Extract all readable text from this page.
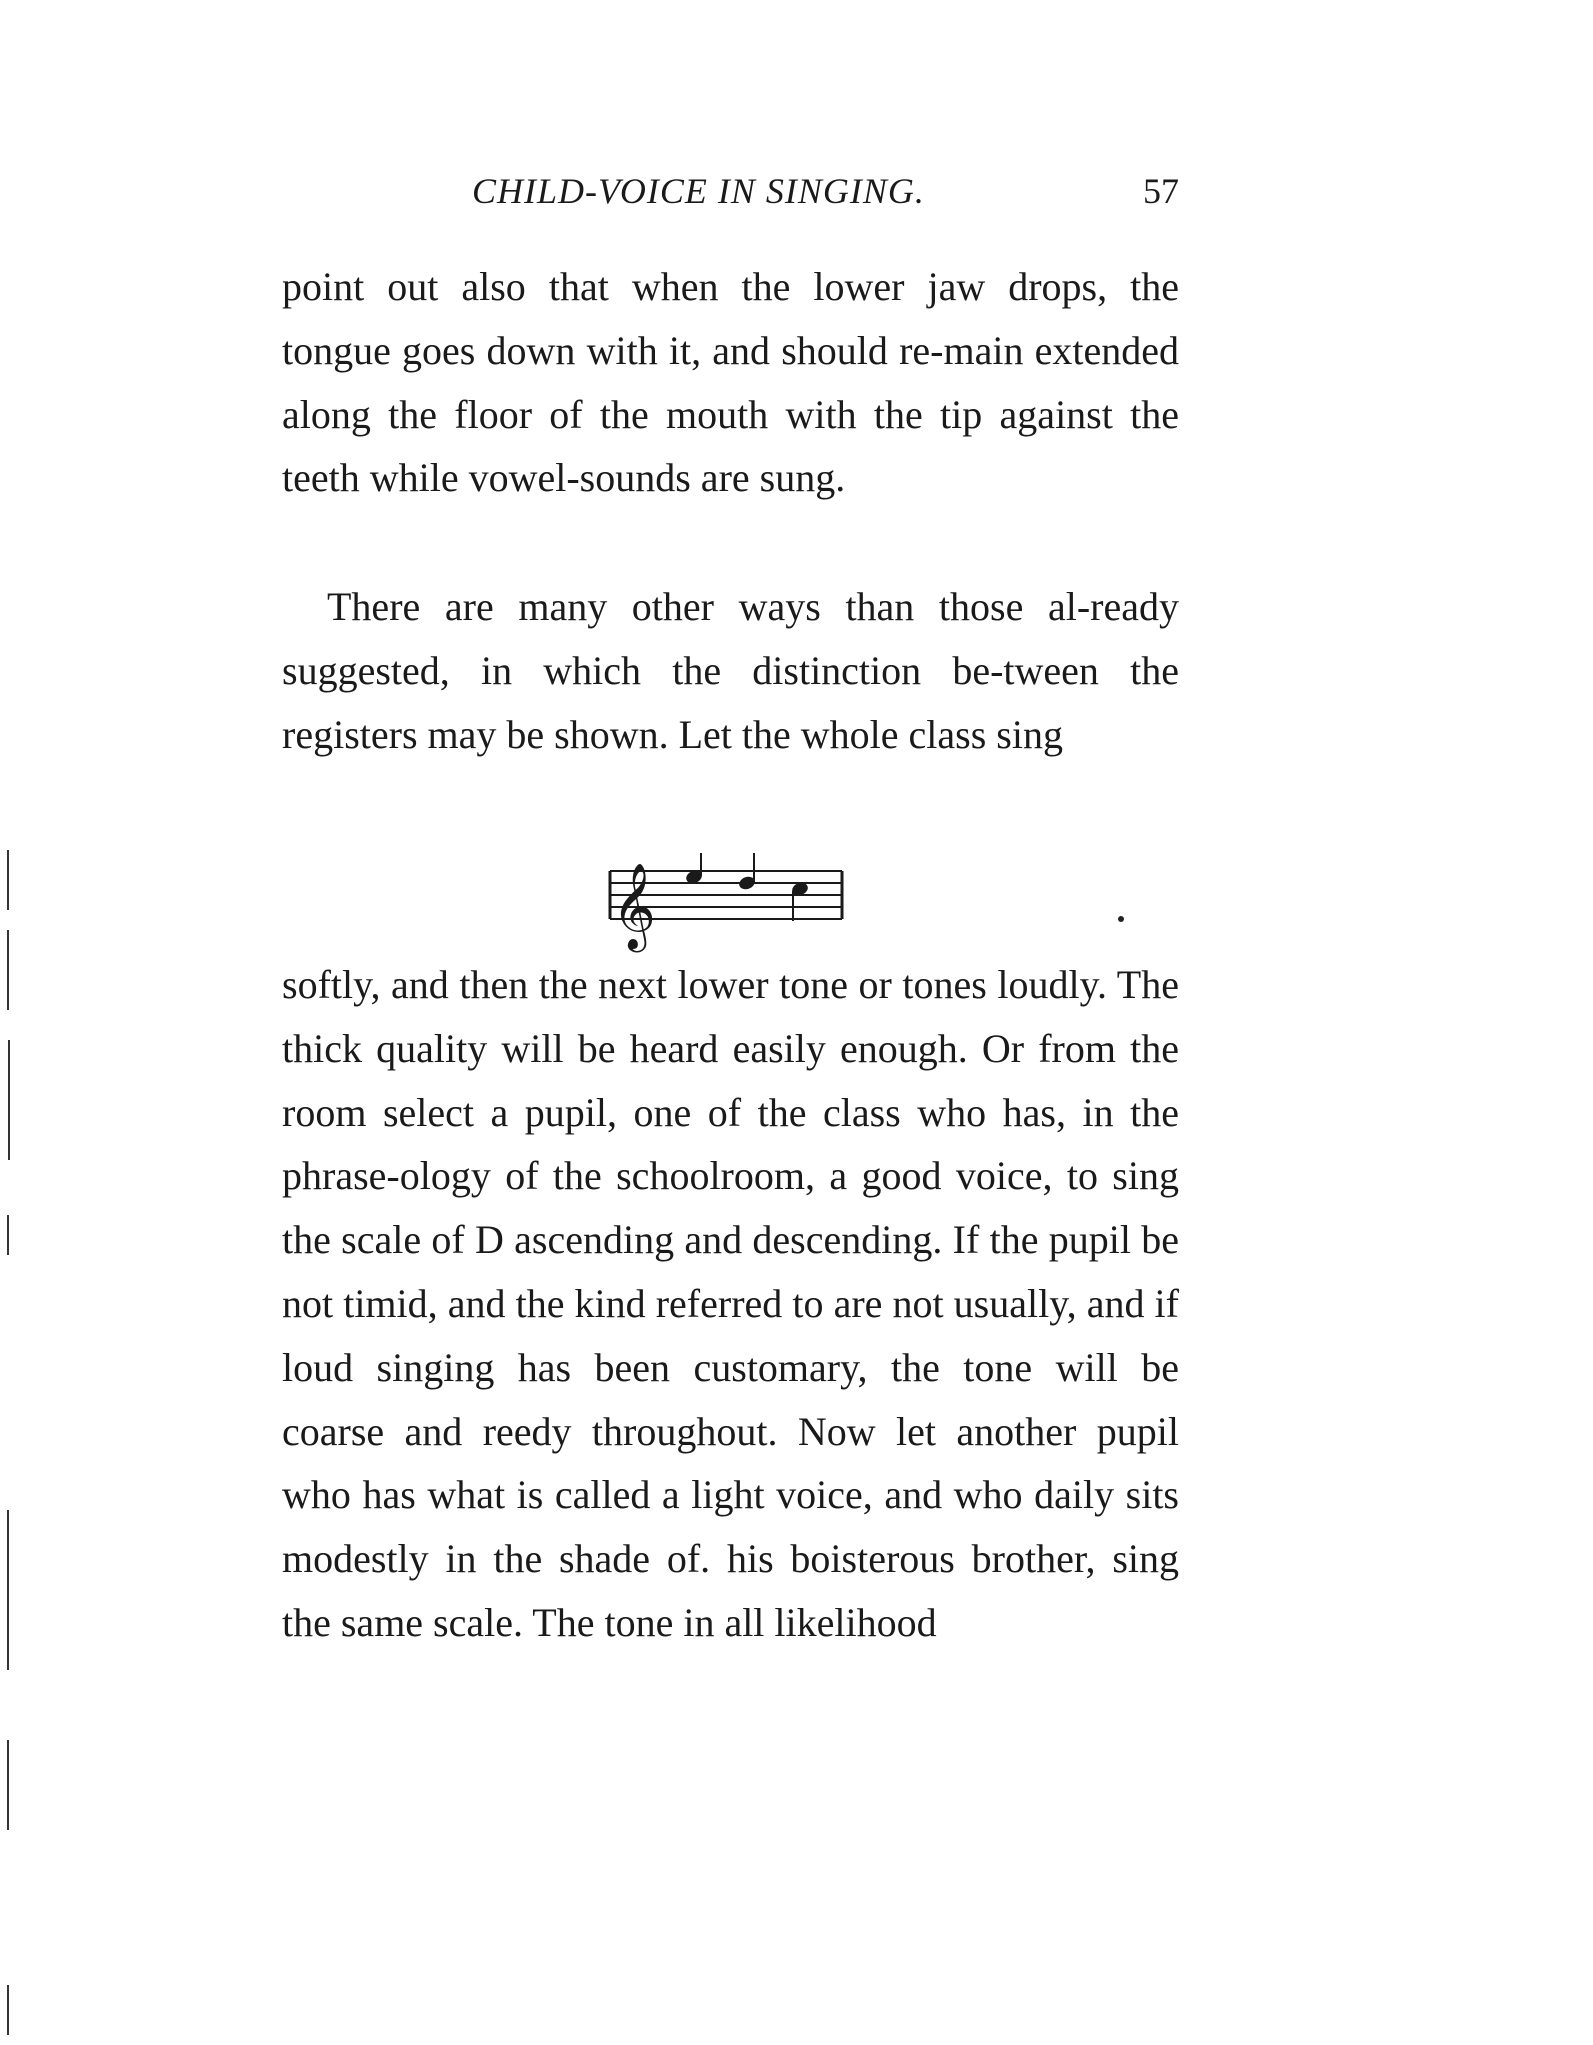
CHILD-VOICE IN SINGING.	57

point out also that when the lower jaw drops, the tongue goes down with it, and should re-main extended along the floor of the mouth with the tip against the teeth while vowel-sounds are sung.

There are many other ways than those al-ready suggested, in which the distinction be-tween the registers may be shown. Let the whole class sing

𝄞

softly, and then the next lower tone or tones loudly. The thick quality will be heard easily enough. Or from the room select a pupil, one of the class who has, in the phrase-ology of the schoolroom, a good voice, to sing the scale of D ascending and descending. If the pupil be not timid, and the kind referred to are not usually, and if loud singing has been customary, the tone will be coarse and reedy throughout. Now let another pupil who has what is called a light voice, and who daily sits modestly in the shade of. his boisterous brother, sing the same scale. The tone in all likelihood
